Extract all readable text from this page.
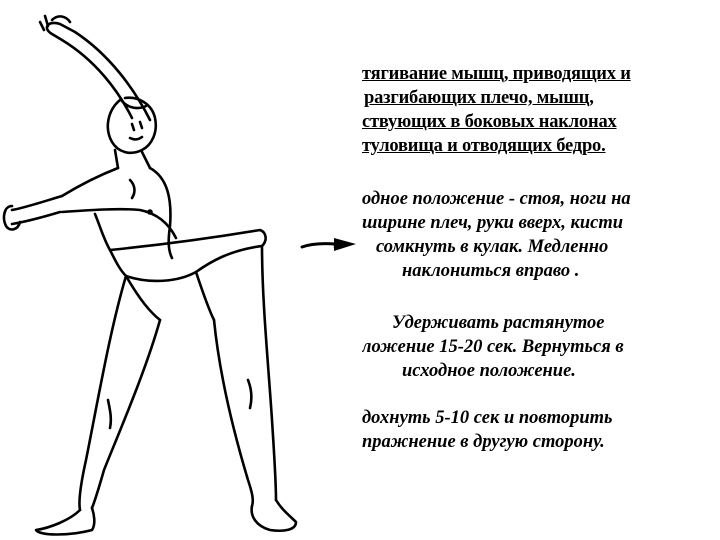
тягивание мышц, приводящих и
разгибающих плечо, мышц,
ствующих в боковых наклонах
туловища и отводящих бедро.
одное положение - стоя, ноги на
ширине плеч, руки вверх, кисти
сомкнуть в кулак. Медленно
наклониться вправо .
Удерживать растянутое
ложение 15-20 сек. Вернуться в
исходное положение.
дохнуть 5-10 сек и повторить
пражнение в другую сторону.
